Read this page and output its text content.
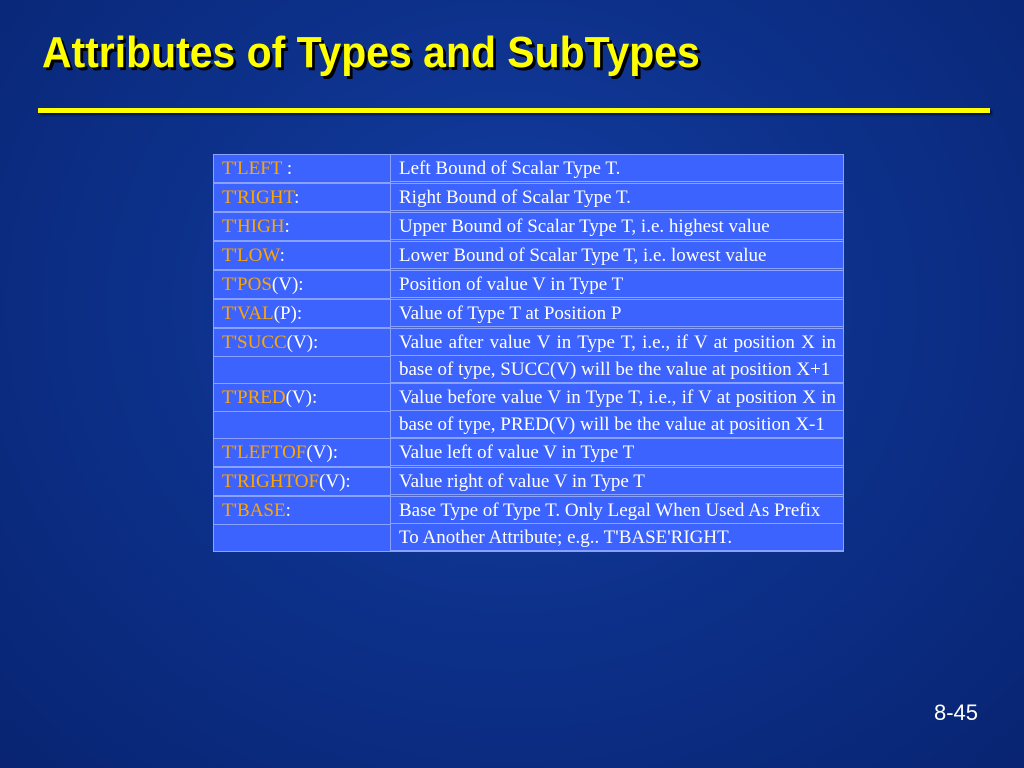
Attributes of Types and SubTypes
T'LEFT :	Left Bound of Scalar Type T.

T'RIGHT:	Right Bound of Scalar Type T.

T'HIGH:	Upper Bound of Scalar Type T, i.e. highest value

T'LOW:	Lower Bound of Scalar Type T, i.e. lowest value

T'POS(V):	Position of value V in Type T

T'VAL(P):	Value of Type T at Position P

T'SUCC(V):	Value after value V in Type T, i.e., if V at position X in base of type, SUCC(V) will be the value at position X+1

T'PRED(V):	Value before value V in Type T, i.e., if V at position X in base of type, PRED(V) will be the value at position X-1

T'LEFTOF(V):	Value left of value V in Type T

T'RIGHTOF(V):	Value right of value V in Type T

T'BASE:	Base Type of Type T. Only Legal When Used As Prefix To Another Attribute; e.g.. T'BASE'RIGHT.
8-45
